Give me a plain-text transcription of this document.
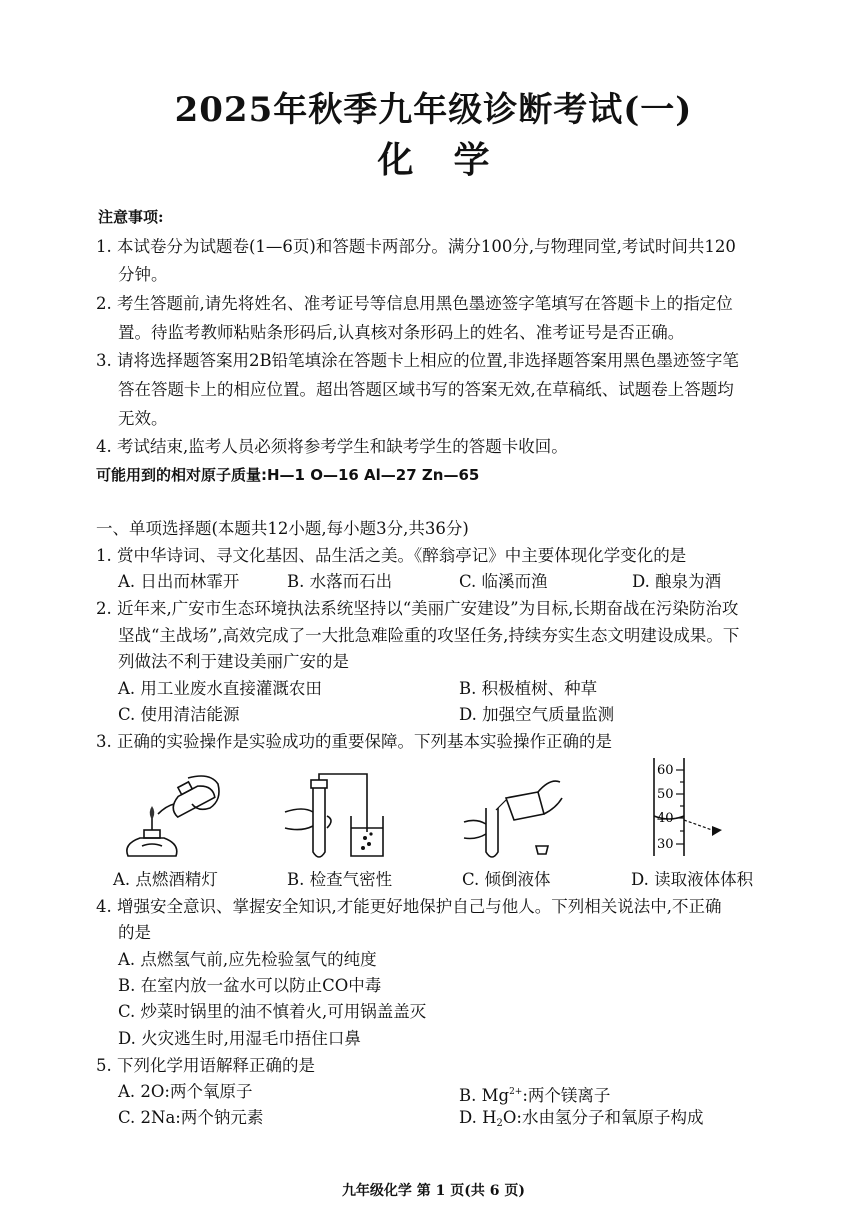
2025年秋季九年级诊断考试(一)
化学
注意事项:
1. 本试卷分为试题卷(1—6页)和答题卡两部分。满分100分,与物理同堂,考试时间共120
分钟。
2. 考生答题前,请先将姓名、准考证号等信息用黑色墨迹签字笔填写在答题卡上的指定位
置。待监考教师粘贴条形码后,认真核对条形码上的姓名、准考证号是否正确。
3. 请将选择题答案用2B铅笔填涂在答题卡上相应的位置,非选择题答案用黑色墨迹签字笔
答在答题卡上的相应位置。超出答题区域书写的答案无效,在草稿纸、试题卷上答题均
无效。
4. 考试结束,监考人员必须将参考学生和缺考学生的答题卡收回。
可能用到的相对原子质量:H—1 O—16 Al—27 Zn—65
一、单项选择题(本题共12小题,每小题3分,共36分)
1. 赏中华诗词、寻文化基因、品生活之美。《醉翁亭记》中主要体现化学变化的是
A. 日出而林霏开	B. 水落而石出	C. 临溪而渔	D. 酿泉为酒
2. 近年来,广安市生态环境执法系统坚持以“美丽广安建设”为目标,长期奋战在污染防治攻
坚战“主战场”,高效完成了一大批急难险重的攻坚任务,持续夯实生态文明建设成果。下
列做法不利于建设美丽广安的是
A. 用工业废水直接灌溉农田	B. 积极植树、种草
C. 使用清洁能源	D. 加强空气质量监测
3. 正确的实验操作是实验成功的重要保障。下列基本实验操作正确的是
60
50
40
30
A. 点燃酒精灯	B. 检查气密性	C. 倾倒液体	D. 读取液体体积
4. 增强安全意识、掌握安全知识,才能更好地保护自己与他人。下列相关说法中,不正确
的是
A. 点燃氢气前,应先检验氢气的纯度
B. 在室内放一盆水可以防止CO中毒
C. 炒菜时锅里的油不慎着火,可用锅盖盖灭
D. 火灾逃生时,用湿毛巾捂住口鼻
5. 下列化学用语解释正确的是
A. 2O:两个氧原子	B. $Mg^{2+}$:两个镁离子
C. 2Na:两个钠元素	D. $H_2O$:水由氢分子和氧原子构成
九年级化学 第 1 页(共 6 页)
